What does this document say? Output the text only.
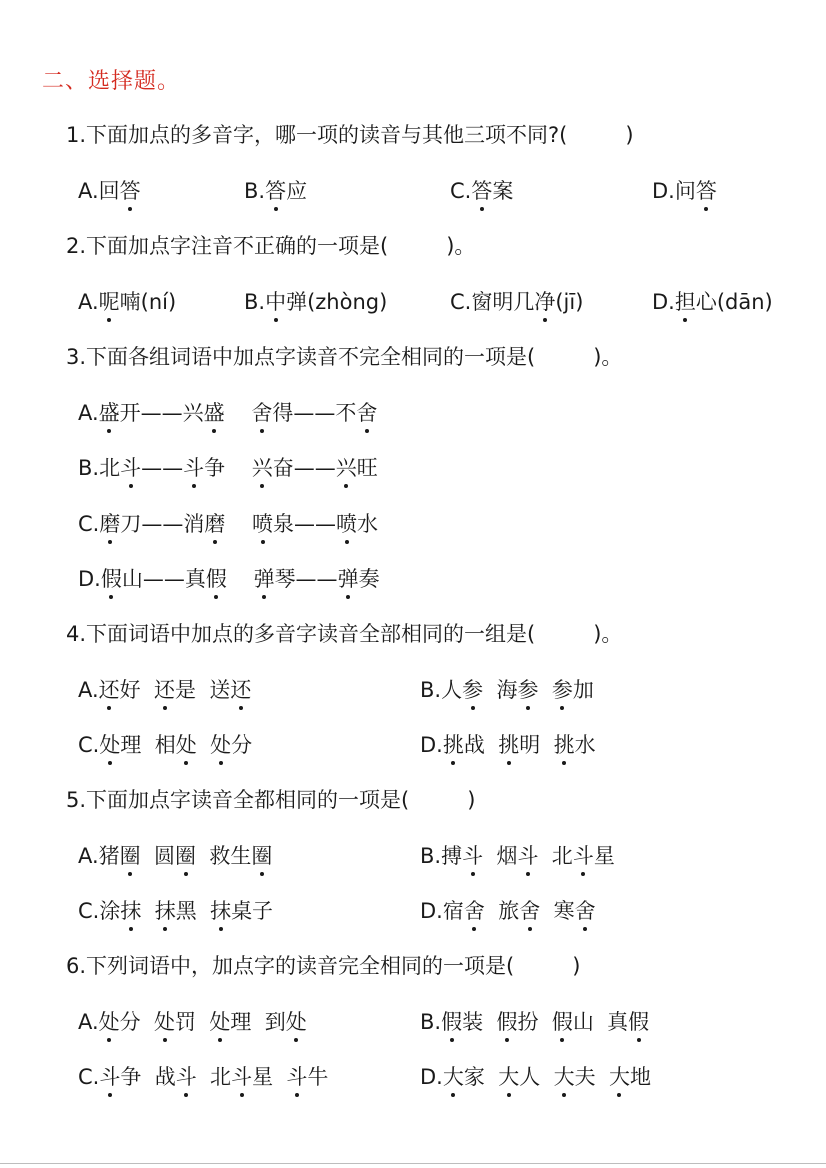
二、选择题。
1.下面加点的多音字，哪一项的读音与其他三项不同?(	)
A.回答	B.答应	C.答案	D.问答
2.下面加点字注音不正确的一项是(	)。
A.呢喃(ní)	B.中弹(zhòng)	C.窗明几净(jī)	D.担心(dān)
3.下面各组词语中加点字读音不完全相同的一项是(	)。
A.盛开——兴盛 舍得——不舍
B.北斗——斗争 兴奋——兴旺
C.磨刀——消磨 喷泉——喷水
D.假山——真假 弹琴——弹奏
4.下面词语中加点的多音字读音全部相同的一组是(	)。
A.还好  还是  送还	B.人参  海参 参加
C.处理  相处 处分	D.挑战  挑明  挑水
5.下面加点字读音全都相同的一项是(	)
A.猪圈  圆圈  救生圈	B.搏斗  烟斗  北斗星
C.涂抹 抹黑  抹桌子	D.宿舍  旅舍  寒舍
6.下列词语中，加点字的读音完全相同的一项是(	)
A.处分  处罚  处理  到处	B.假装  假扮  假山  真假
C.斗争  战斗  北斗星  斗牛	D.大家  大人  大夫  大地
